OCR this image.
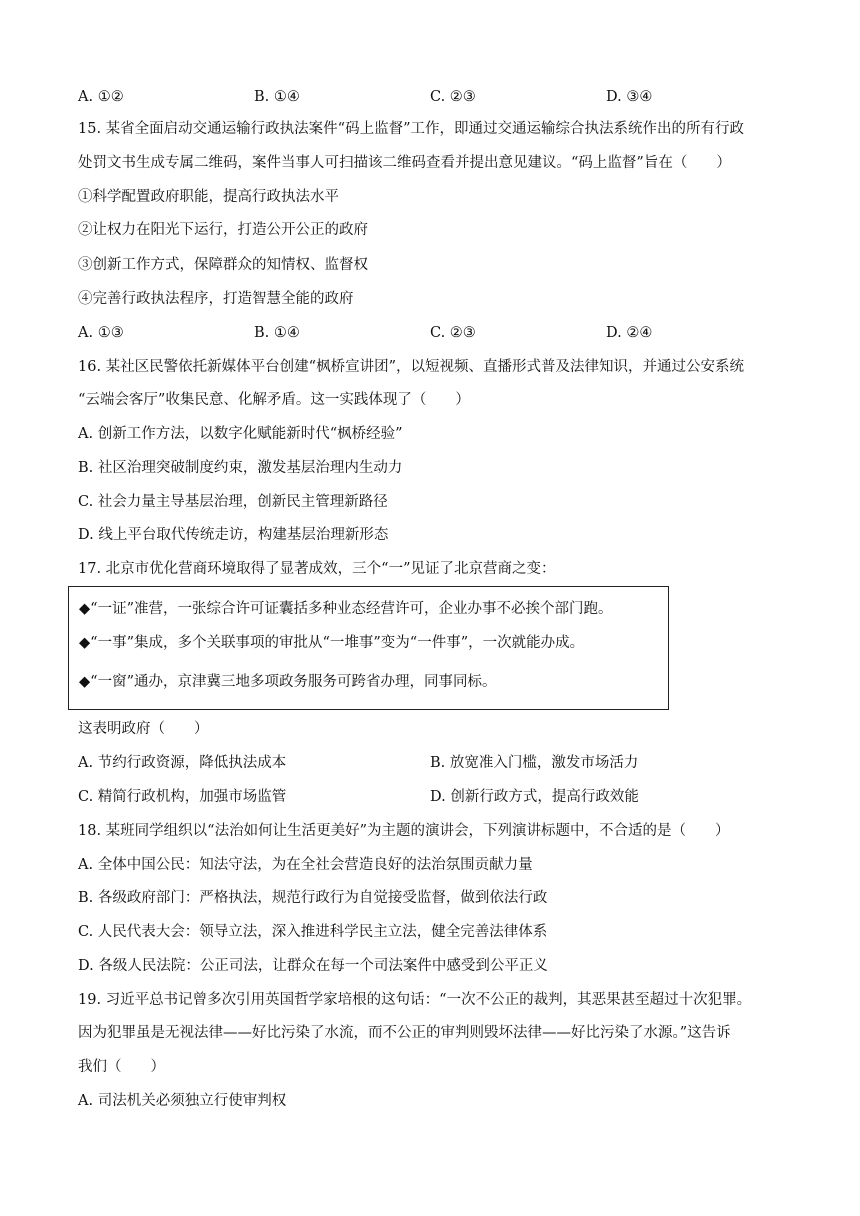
A. ①②	B. ①④	C. ②③	D. ③④
15. 某省全面启动交通运输行政执法案件“码上监督”工作，即通过交通运输综合执法系统作出的所有行政
处罚文书生成专属二维码，案件当事人可扫描该二维码查看并提出意见建议。“码上监督”旨在（　　）
①科学配置政府职能，提高行政执法水平
②让权力在阳光下运行，打造公开公正的政府
③创新工作方式，保障群众的知情权、监督权
④完善行政执法程序，打造智慧全能的政府
A. ①③	B. ①④	C. ②③	D. ②④
16. 某社区民警依托新媒体平台创建“枫桥宣讲团”，以短视频、直播形式普及法律知识，并通过公安系统
“云端会客厅”收集民意、化解矛盾。这一实践体现了（　　）
A. 创新工作方法，以数字化赋能新时代“枫桥经验”
B. 社区治理突破制度约束，激发基层治理内生动力
C. 社会力量主导基层治理，创新民主管理新路径
D. 线上平台取代传统走访，构建基层治理新形态
17. 北京市优化营商环境取得了显著成效，三个“一”见证了北京营商之变：
◆“一证”准营，一张综合许可证囊括多种业态经营许可，企业办事不必挨个部门跑。
◆“一事”集成，多个关联事项的审批从“一堆事”变为“一件事”，一次就能办成。
◆“一窗”通办，京津冀三地多项政务服务可跨省办理，同事同标。
这表明政府（　　）
A. 节约行政资源，降低执法成本	B. 放宽准入门槛，激发市场活力
C. 精简行政机构，加强市场监管	D. 创新行政方式，提高行政效能
18. 某班同学组织以“法治如何让生活更美好”为主题的演讲会，下列演讲标题中，不合适的是（　　）
A. 全体中国公民：知法守法，为在全社会营造良好的法治氛围贡献力量
B. 各级政府部门：严格执法，规范行政行为自觉接受监督，做到依法行政
C. 人民代表大会：领导立法，深入推进科学民主立法，健全完善法律体系
D. 各级人民法院：公正司法，让群众在每一个司法案件中感受到公平正义
19. 习近平总书记曾多次引用英国哲学家培根的这句话：“一次不公正的裁判，其恶果甚至超过十次犯罪。
因为犯罪虽是无视法律——好比污染了水流，而不公正的审判则毁坏法律——好比污染了水源。”这告诉
我们（　　）
A. 司法机关必须独立行使审判权
